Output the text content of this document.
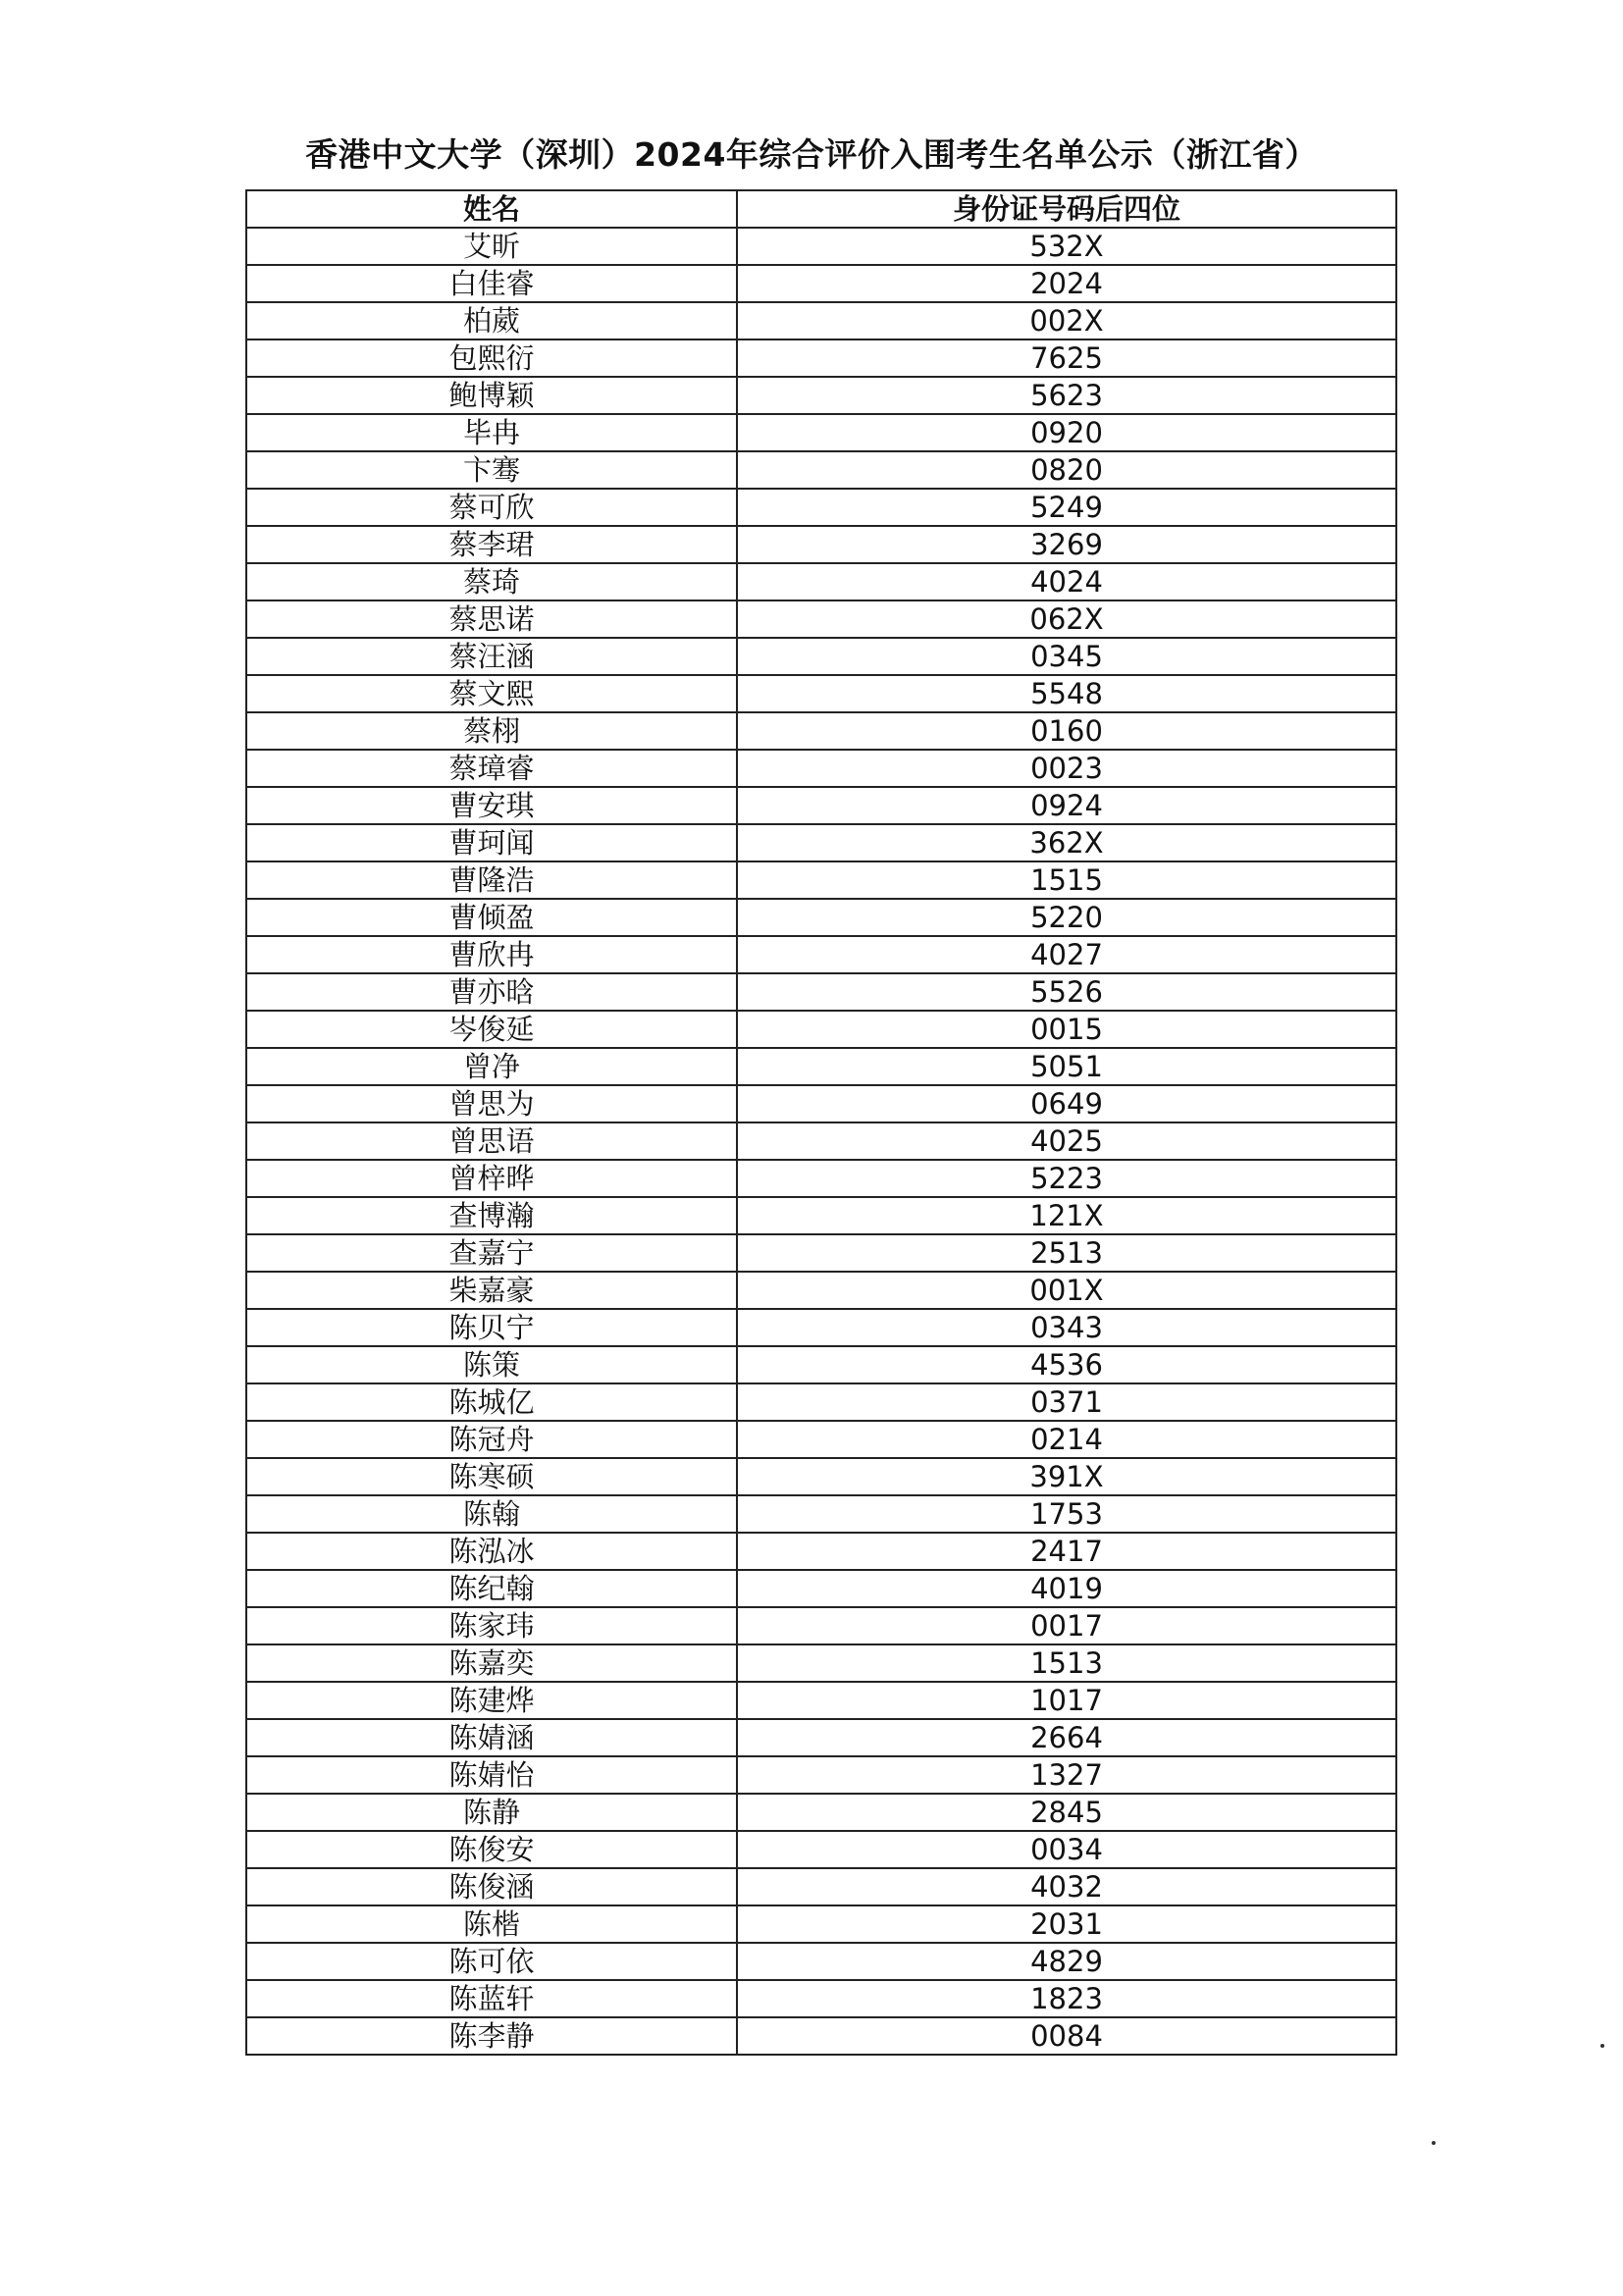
香港中文大学（深圳）2024年综合评价入围考生名单公示（浙江省）
姓名	身份证号码后四位
艾昕	532X
白佳睿	2024
柏葳	002X
包熙衍	7625
鲍博颖	5623
毕冉	0920
卞骞	0820
蔡可欣	5249
蔡李珺	3269
蔡琦	4024
蔡思诺	062X
蔡汪涵	0345
蔡文熙	5548
蔡栩	0160
蔡璋睿	0023
曹安琪	0924
曹珂闻	362X
曹隆浩	1515
曹倾盈	5220
曹欣冉	4027
曹亦晗	5526
岑俊延	0015
曾净	5051
曾思为	0649
曾思语	4025
曾梓晔	5223
查博瀚	121X
查嘉宁	2513
柴嘉豪	001X
陈贝宁	0343
陈策	4536
陈城亿	0371
陈冠舟	0214
陈寒硕	391X
陈翰	1753
陈泓冰	2417
陈纪翰	4019
陈家玮	0017
陈嘉奕	1513
陈建烨	1017
陈婧涵	2664
陈婧怡	1327
陈静	2845
陈俊安	0034
陈俊涵	4032
陈楷	2031
陈可依	4829
陈蓝轩	1823
陈李静	0084
